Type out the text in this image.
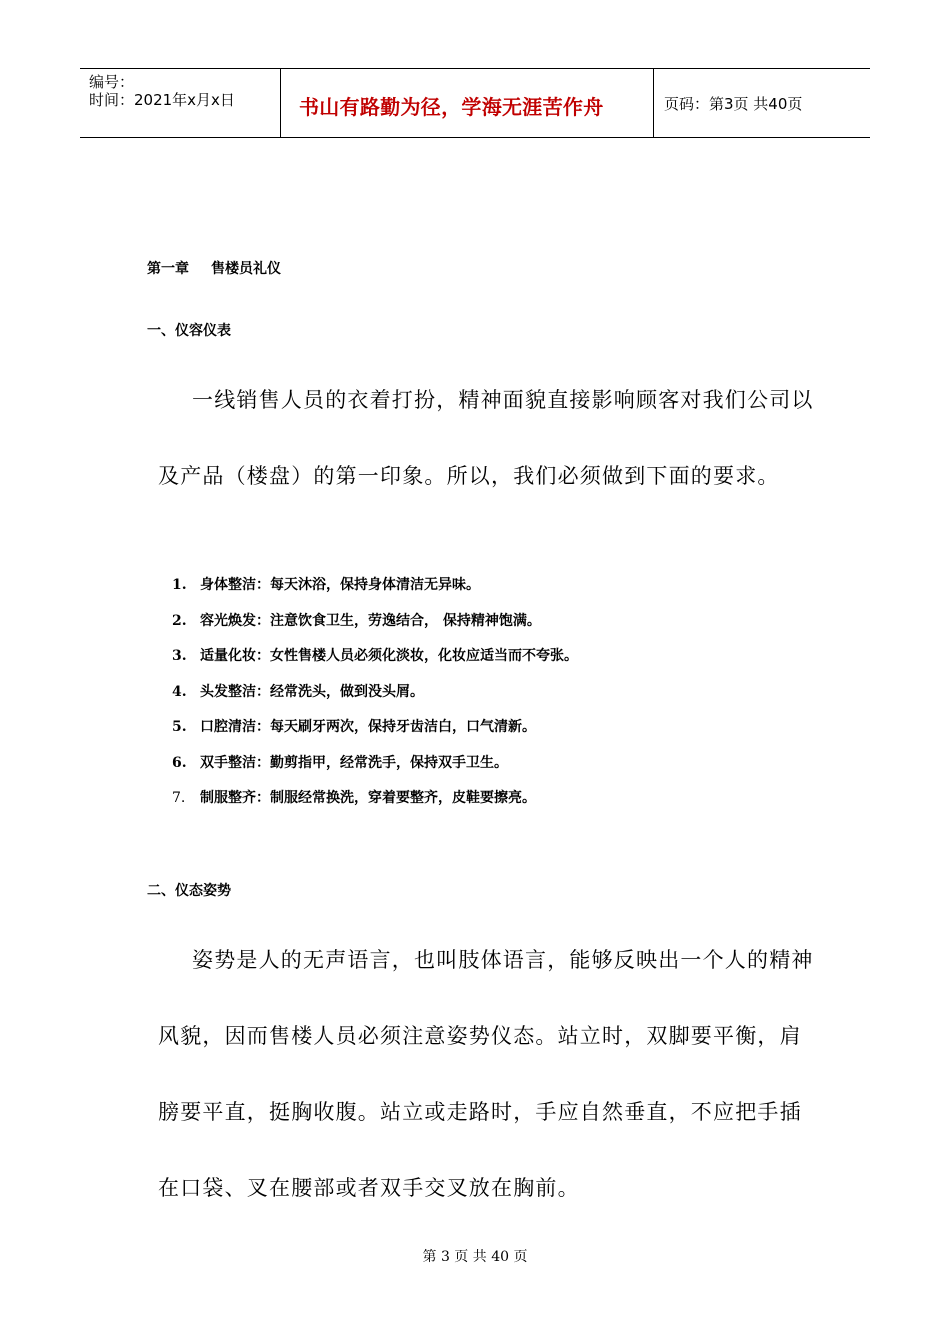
编号：
时间：2021年x月x日	书山有路勤为径，学海无涯苦作舟	页码：第3页 共40页
第一章 售楼员礼仪
一、仪容仪表
一线销售人员的衣着打扮，精神面貌直接影响顾客对我们公司以
及产品（楼盘）的第一印象。所以，我们必须做到下面的要求。
1. 身体整洁：每天沐浴，保持身体清洁无异味。
2. 容光焕发：注意饮食卫生，劳逸结合， 保持精神饱满。
3. 适量化妆：女性售楼人员必须化淡妆，化妆应适当而不夸张。
4. 头发整洁：经常洗头，做到没头屑。
5. 口腔清洁：每天刷牙两次，保持牙齿洁白，口气清新。
6. 双手整洁：勤剪指甲，经常洗手，保持双手卫生。
7. 制服整齐：制服经常换洗，穿着要整齐，皮鞋要擦亮。
二、仪态姿势
姿势是人的无声语言，也叫肢体语言，能够反映出一个人的精神
风貌，因而售楼人员必须注意姿势仪态。站立时，双脚要平衡，肩
膀要平直，挺胸收腹。站立或走路时，手应自然垂直，不应把手插
在口袋、叉在腰部或者双手交叉放在胸前。
第 3 页 共 40 页
